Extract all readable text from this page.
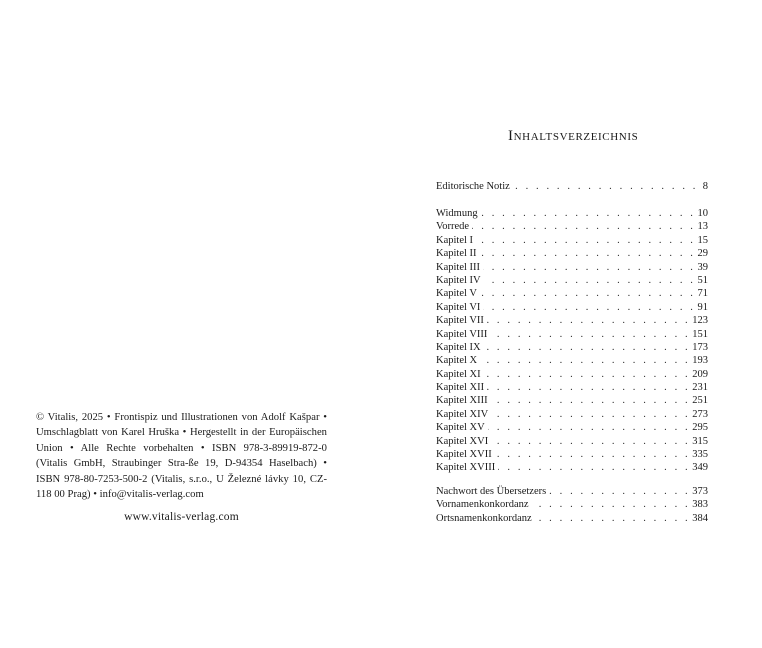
© Vitalis, 2025 • Frontispiz und Illustrationen von Adolf Kašpar • Umschlagblatt von Karel Hruška • Hergestellt in der Europäischen Union • Alle Rechte vorbehalten • ISBN 978-3-89919-872-0 (Vitalis GmbH, Straubinger Stra-ße 19, D-94354 Haselbach) • ISBN 978-80-7253-500-2 (Vitalis, s.r.o., U Železné lávky 10, CZ-118 00 Prag) • info@vitalis-verlag.com
www.vitalis-verlag.com
I NHALTSVERZEICHNIS
Editorische Notiz . . .	8
Widmung . . .	10
Vorrede . . .	13
Kapitel I . . .	15
Kapitel II . . .	29
Kapitel III . . .	39
Kapitel IV . . .	51
Kapitel V . . .	71
Kapitel VI . . .	91
Kapitel VII . . .	123
Kapitel VIII . . .	151
Kapitel IX . . .	173
Kapitel X . . .	193
Kapitel XI . . .	209
Kapitel XII . . .	231
Kapitel XIII . . .	251
Kapitel XIV . . .	273
Kapitel XV . . .	295
Kapitel XVI . . .	315
Kapitel XVII . . .	335
Kapitel XVIII . . .	349
Nachwort des Übersetzers . . .	373
Vornamenkonkordanz . . .	383
Ortsnamenkonkordanz . . .	384
